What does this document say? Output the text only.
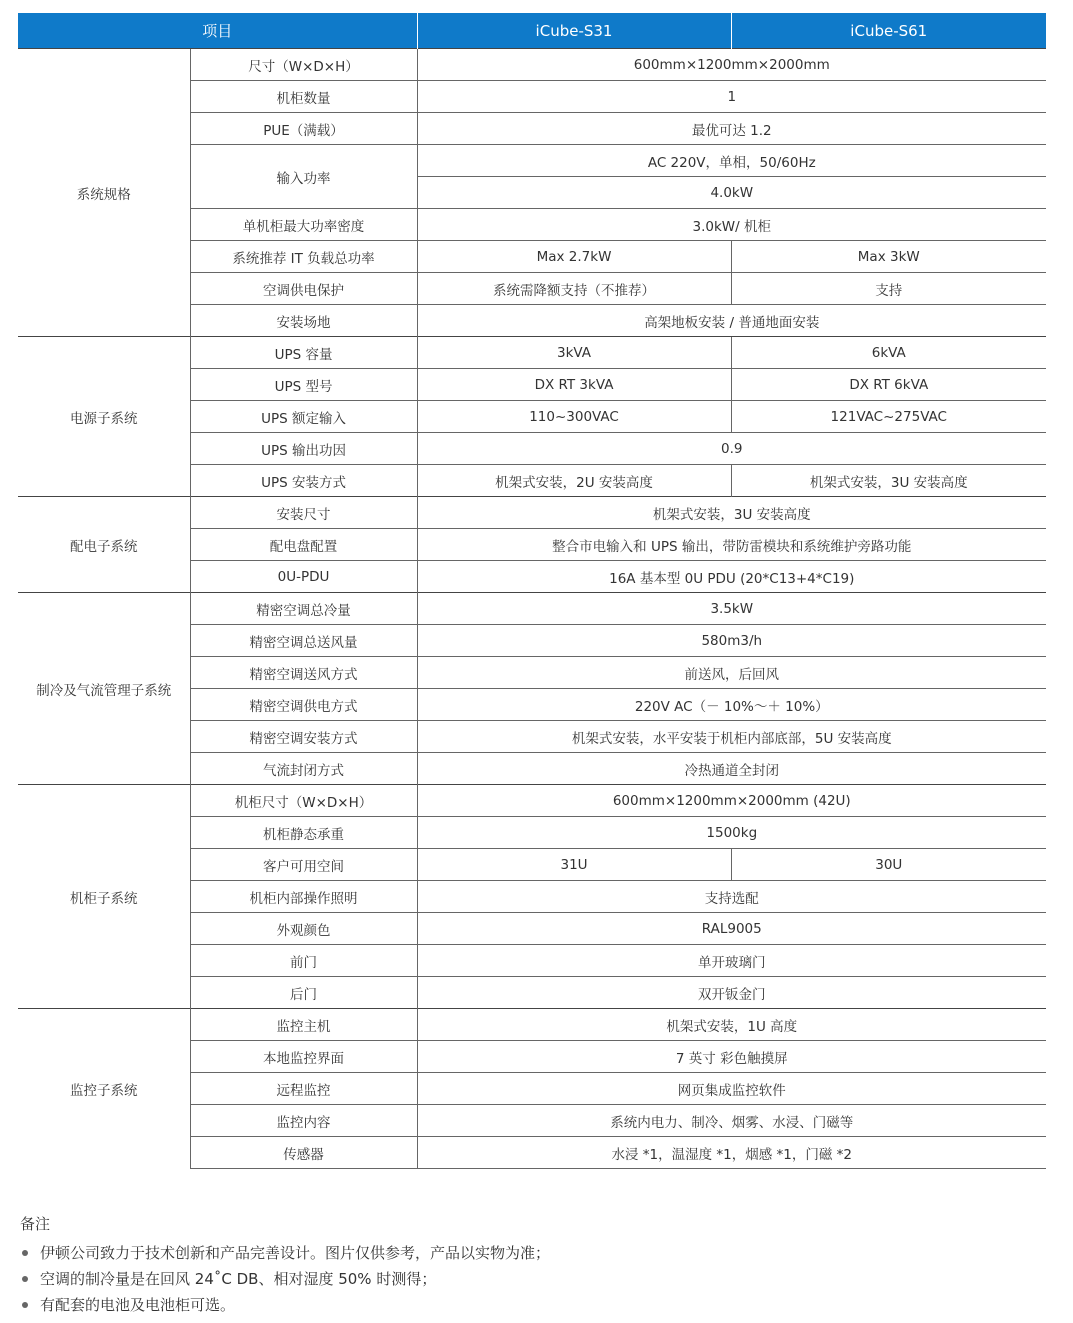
项目		iCube-S31	iCube-S61
系统规格	尺寸（W×D×H）	600mm×1200mm×2000mm	
	机柜数量	1	
	PUE（满载）	最优可达 1.2	
	输入功率	AC 220V，单相，50/60Hz	
		4.0kW	
	单机柜最大功率密度	3.0kW/ 机柜	
	系统推荐 IT 负载总功率	Max 2.7kW	Max 3kW
	空调供电保护	系统需降额支持（不推荐）	支持
	安装场地	高架地板安装 / 普通地面安装	
电源子系统	UPS 容量	3kVA	6kVA
	UPS 型号	DX RT 3kVA	DX RT 6kVA
	UPS 额定输入	110~300VAC	121VAC~275VAC
	UPS 输出功因	0.9	
	UPS 安装方式	机架式安装，2U 安装高度	机架式安装，3U 安装高度
配电子系统	安装尺寸	机架式安装，3U 安装高度	
	配电盘配置	整合市电输入和 UPS 输出，带防雷模块和系统维护旁路功能	
	0U-PDU	16A 基本型 0U PDU (20*C13+4*C19)	
制冷及气流管理子系统	精密空调总冷量	3.5kW	
	精密空调总送风量	580m3/h	
	精密空调送风方式	前送风，后回风	
	精密空调供电方式	220V AC（－ 10%～＋ 10%）	
	精密空调安装方式	机架式安装，水平安装于机柜内部底部，5U 安装高度	
	气流封闭方式	冷热通道全封闭	
机柜子系统	机柜尺寸（W×D×H）	600mm×1200mm×2000mm (42U)	
	机柜静态承重	1500kg	
	客户可用空间	31U	30U
	机柜内部操作照明	支持选配	
	外观颜色	RAL9005	
	前门	单开玻璃门	
	后门	双开钣金门	
监控子系统	监控主机	机架式安装，1U 高度	
	本地监控界面	7 英寸 彩色触摸屏	
	远程监控	网页集成监控软件	
	监控内容	系统内电力、制冷、烟雾、水浸、门磁等	
	传感器	水浸 *1，温湿度 *1，烟感 *1，门磁 *2	
备注
伊顿公司致力于技术创新和产品完善设计。图片仅供参考，产品以实物为准；
空调的制冷量是在回风 24˚C DB、相对湿度 50% 时测得；
有配套的电池及电池柜可选。
